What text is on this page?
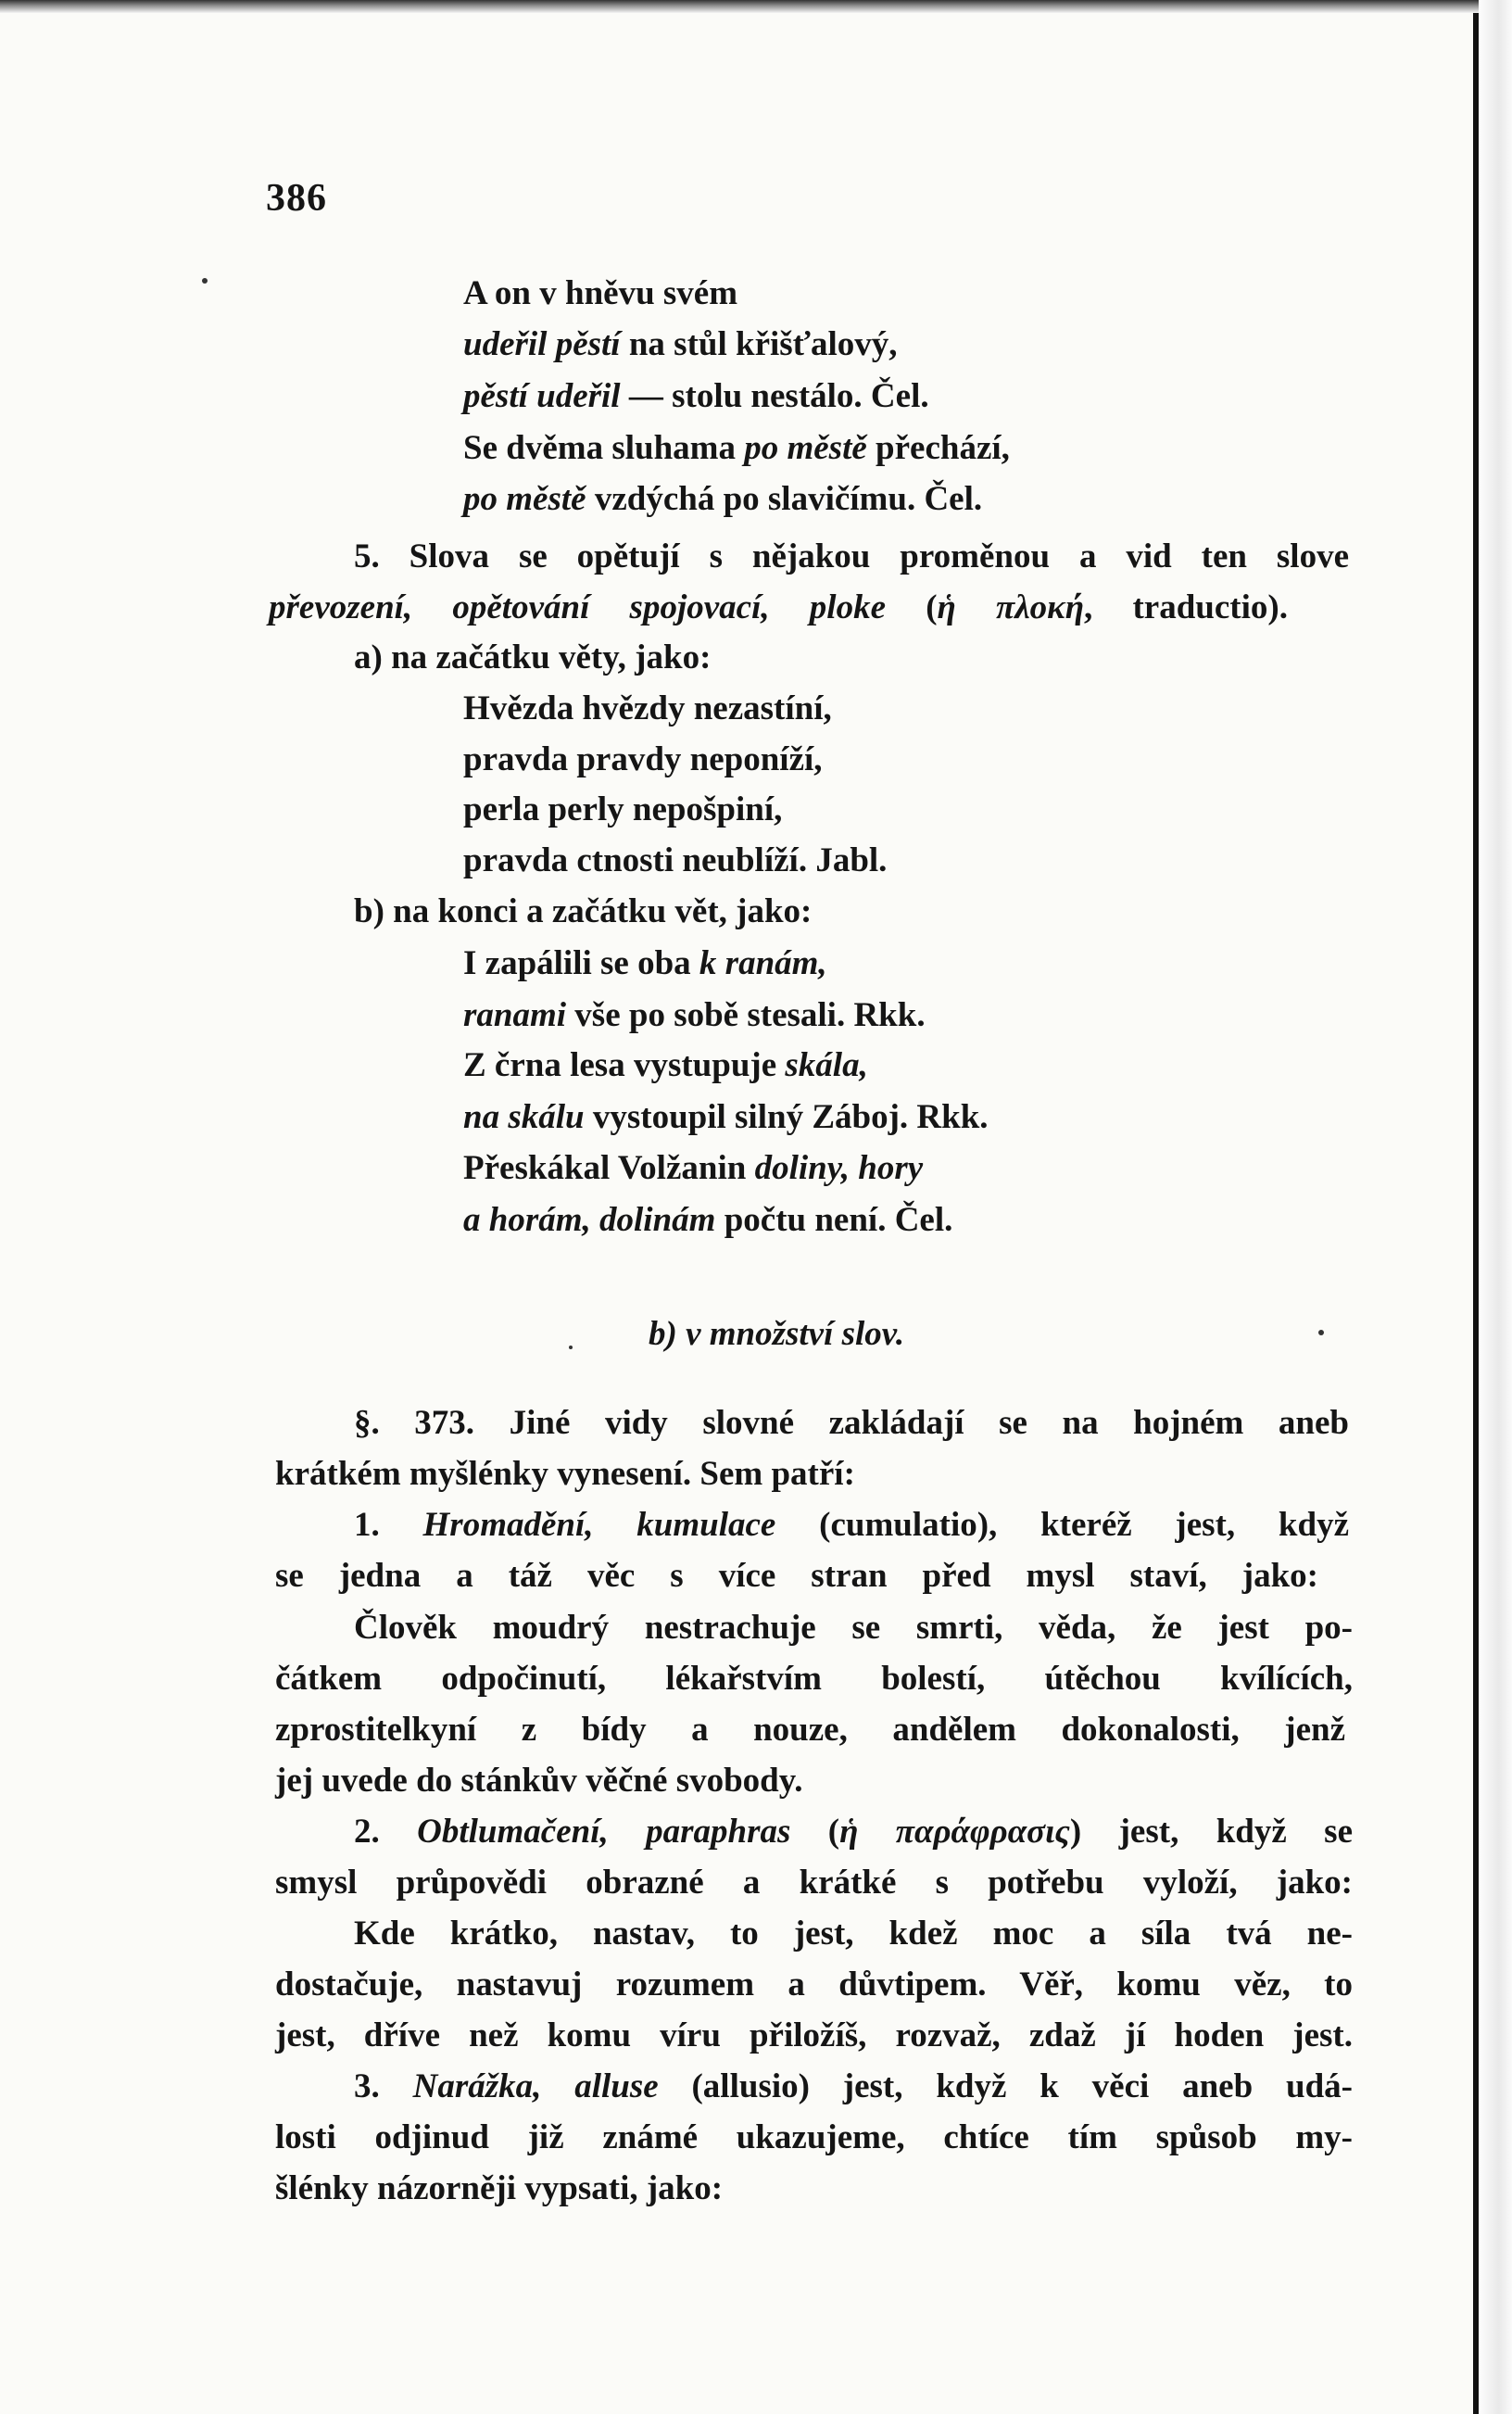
386
A on v hněvu svém
udeřil pěstí na stůl křišťalový,
pěstí udeřil — stolu nestálo. Čel.
Se dvěma sluhama po městě přechází,
po městě vzdýchá po slavičímu. Čel.
5. Slova se opětují s nějakou proměnou a vid ten slove
převození, opětování spojovací, ploke (ἡ πλοκή, traductio).
a) na začátku věty, jako:
Hvězda hvězdy nezastíní,
pravda pravdy neponíží,
perla perly nepošpiní,
pravda ctnosti neublíží. Jabl.
b) na konci a začátku vět, jako:
I zapálili se oba k ranám,
ranami vše po sobě stesali. Rkk.
Z črna lesa vystupuje skála,
na skálu vystoupil silný Záboj. Rkk.
Přeskákal Volžanin doliny, hory
a horám, dolinám počtu není. Čel.
b) v množství slov.
§. 373. Jiné vidy slovné zakládají se na hojném aneb
krátkém myšlénky vynesení. Sem patří:
1. Hromadění, kumulace (cumulatio), kteréž jest, když
se jedna a táž věc s více stran před mysl staví, jako:
Člověk moudrý nestrachuje se smrti, věda, že jest po-
čátkem odpočinutí, lékařstvím bolestí, útěchou kvílících,
zprostitelkyní z bídy a nouze, andělem dokonalosti, jenž
jej uvede do stánkův věčné svobody.
2. Obtlumačení, paraphras (ἡ παράφρασις) jest, když se
smysl průpovědi obrazné a krátké s potřebu vyloží, jako:
Kde krátko, nastav, to jest, kdež moc a síla tvá ne-
dostačuje, nastavuj rozumem a důvtipem. Věř, komu věz, to
jest, dříve než komu víru přiložíš, rozvaž, zdaž jí hoden jest.
3. Narážka, alluse (allusio) jest, když k věci aneb udá-
losti odjinud již známé ukazujeme, chtíce tím spůsob my-
šlénky názorněji vypsati, jako:
